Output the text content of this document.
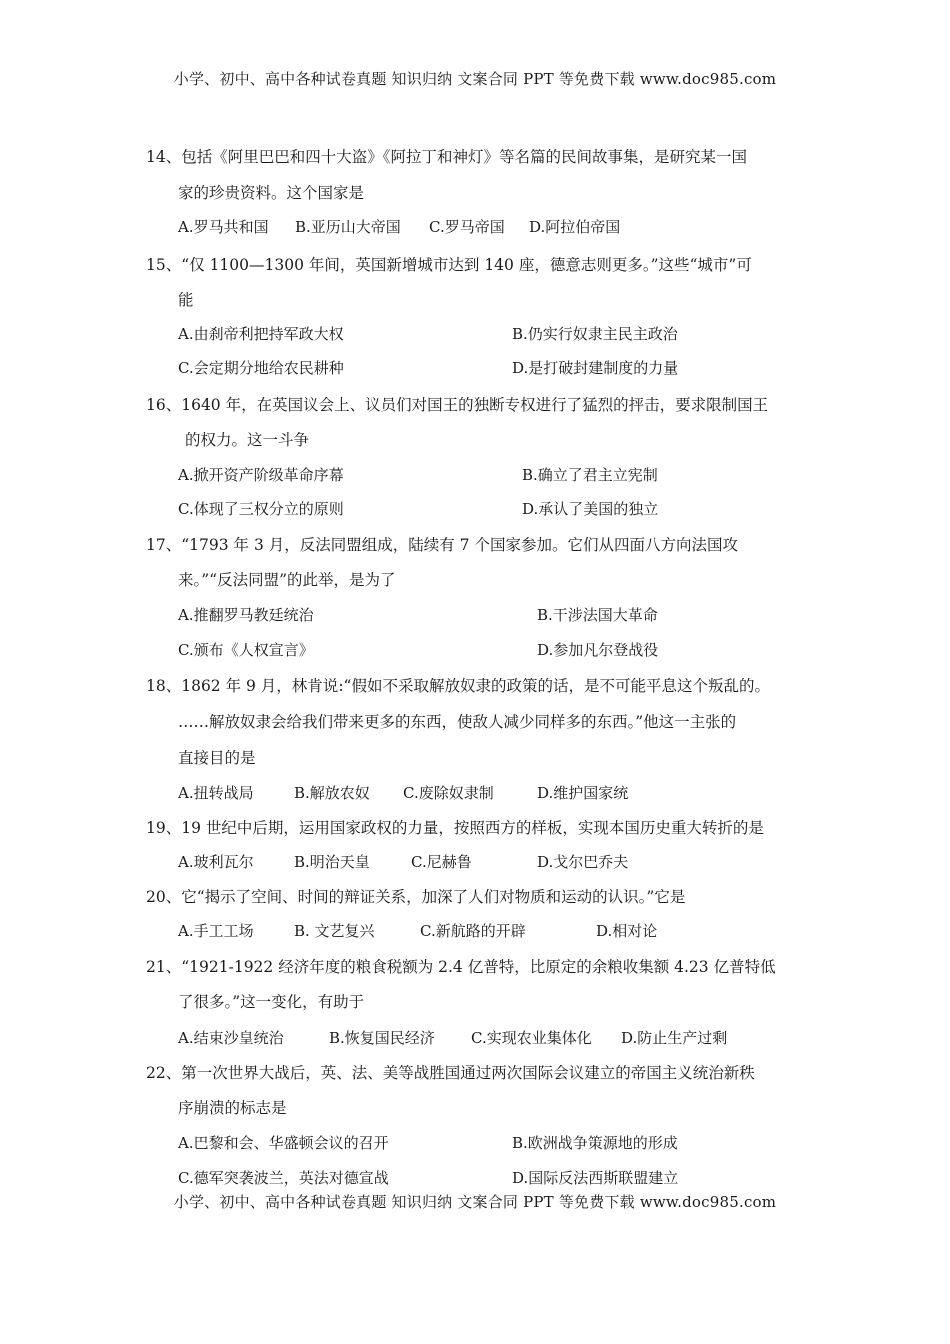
小学、初中、高中各种试卷真题 知识归纳 文案合同 PPT 等免费下载 www.doc985.com
14、包括《阿里巴巴和四十大盗》《阿拉丁和神灯》等名篇的民间故事集，是研究某一国
家的珍贵资料。这个国家是
A.罗马共和国 B.亚历山大帝国 C.罗马帝国 D.阿拉伯帝国
15、“仅 1100—1300 年间，英国新增城市达到 140 座，德意志则更多。”这些“城市”可
能
A.由刹帝利把持军政大权	B.仍实行奴隶主民主政治
C.会定期分地给农民耕种	D.是打破封建制度的力量
16、1640 年，在英国议会上、议员们对国王的独断专权进行了猛烈的抨击，要求限制国王
的权力。这一斗争
A.掀开资产阶级革命序幕	B.确立了君主立宪制
C.体现了三权分立的原则	D.承认了美国的独立
17、“1793 年 3 月，反法同盟组成，陆续有 7 个国家参加。它们从四面八方向法国攻
来。”“反法同盟”的此举，是为了
A.推翻罗马教廷统治	B.干涉法国大革命
C.颁布《人权宣言》	D.参加凡尔登战役
18、1862 年 9 月，林肯说:“假如不采取解放奴隶的政策的话，是不可能平息这个叛乱的。
……解放奴隶会给我们带来更多的东西，使敌人减少同样多的东西。”他这一主张的
直接目的是
A.扭转战局	B.解放农奴 C.废除奴隶制	D.维护国家统
19、19 世纪中后期，运用国家政权的力量，按照西方的样板，实现本国历史重大转折的是
A.玻利瓦尔	B.明治天皇	C.尼赫鲁	D.戈尔巴乔夫
20、它“揭示了空间、时间的辩证关系，加深了人们对物质和运动的认识。”它是
A.手工工场	B. 文艺复兴	C.新航路的开辟	D.相对论
21、“1921-1922 经济年度的粮食税额为 2.4 亿普特，比原定的余粮收集额 4.23 亿普特低
了很多。”这一变化，有助于
A.结束沙皇统治	B.恢复国民经济 C.实现农业集体化 D.防止生产过剩
22、第一次世界大战后，英、法、美等战胜国通过两次国际会议建立的帝国主义统治新秩
序崩溃的标志是
A.巴黎和会、华盛顿会议的召开	B.欧洲战争策源地的形成
C.德军突袭波兰，英法对德宣战	D.国际反法西斯联盟建立
小学、初中、高中各种试卷真题 知识归纳 文案合同 PPT 等免费下载 www.doc985.com
